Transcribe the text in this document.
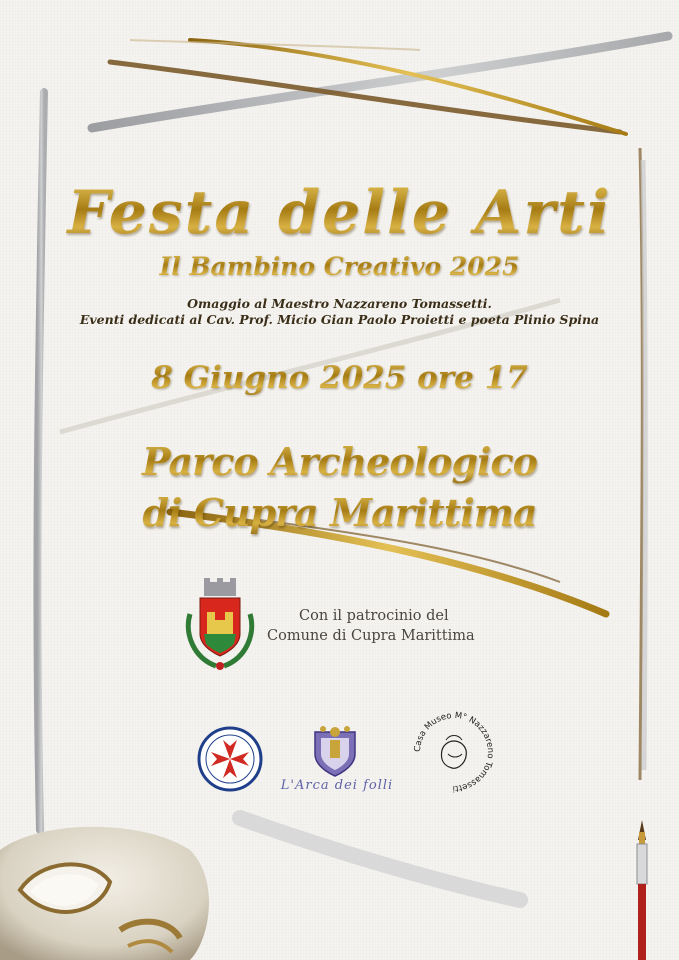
Festa delle Arti
Il Bambino Creativo 2025
Omaggio al Maestro Nazzareno Tomassetti.
Eventi dedicati al Cav. Prof. Micio Gian Paolo Proietti e poeta Plinio Spina
8 Giugno 2025 ore 17
Parco Archeologico
di Cupra Marittima
Con il patrocinio del
Comune di Cupra Marittima
L'Arca dei folli
Casa Museo M° Nazzareno Tomassetti
